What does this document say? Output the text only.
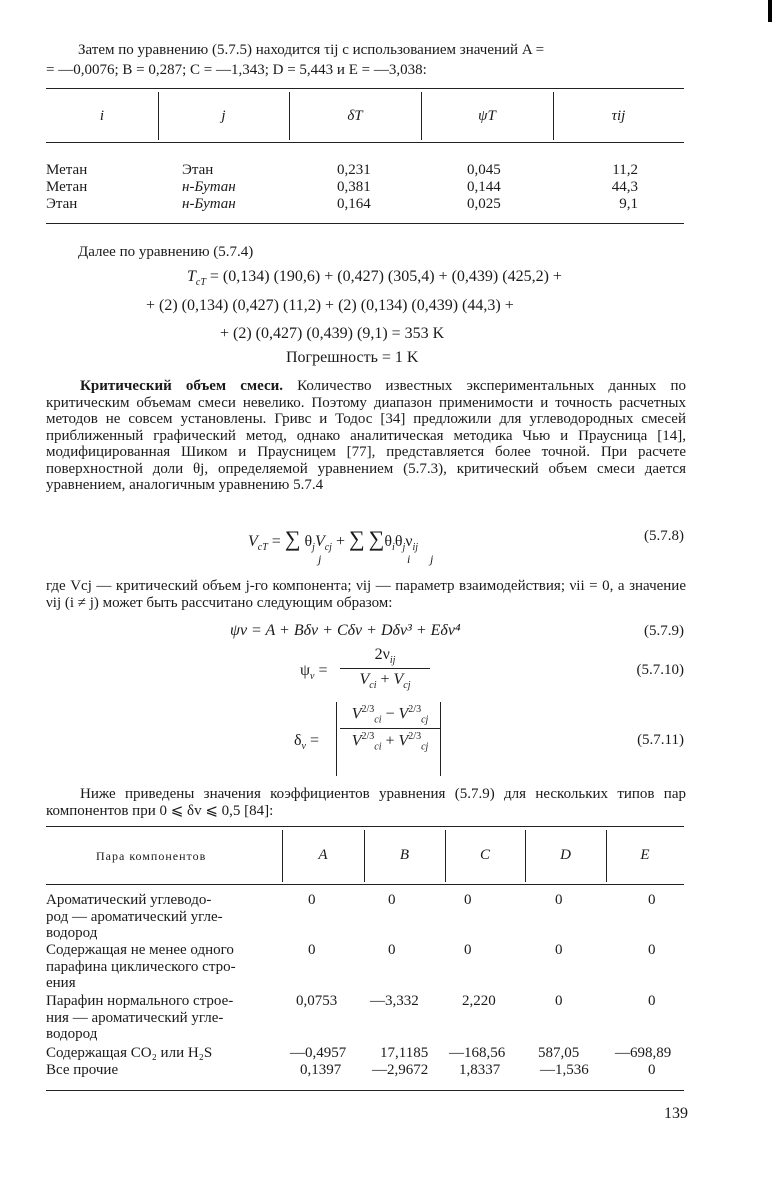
Затем по уравнению (5.7.5) находится τij с использованием значений A =
= —0,0076; B = 0,287; C = —1,343; D = 5,443 и E = —3,038:
i	j	δT	ψT	τij
Метан	Этан	0,231	0,045	11,2
Метан	н-Бутан	0,381	0,144	44,3
Этан	н-Бутан	0,164	0,025	9,1
Далее по уравнению (5.7.4)
$T_{cT} = (0,134) (190,6) + (0,427) (305,4) + (0,439) (425,2)$ +
+ (2) (0,134) (0,427) (11,2) + (2) (0,134) (0,439) (44,3) +
+ (2) (0,427) (0,439) (9,1) = 353 K
Погрешность = 1 K
Критический объем смеси. Количество известных экспериментальных данных по критическим объемам смеси невелико. Поэтому диапазон применимости и точность расчетных методов не совсем установлены. Гривс и Тодос [34] предложили для углеводородных смесей приближенный графический метод, однако аналитическая методика Чью и Праусница [14], модифицированная Шиком и Праусницем [77], представляется более точной. При расчете поверхностной доли θj, определяемой уравнением (5.7.3), критический объем смеси дается уравнением, аналогичным уравнению 5.7.4
$V_{cT}$ = ∑ $\theta_jV_{cj}$ + ∑ $\sum\theta_i\theta_j\nu_{ij}$
j	i j
(5.7.8)
где Vcj — критический объем j-го компонента; νij — параметр взаимодействия; νii = 0, а значение νij (i ≠ j) может быть рассчитано следующим образом:
ψv = A + Bδv + Cδv + Dδv³ + Eδv⁴	(5.7.9)
$\psi_v$ =
$2\nu_{ij}$
$V_{ci} + V_{cj}$
(5.7.10)
$\delta_v$ =
$V^{2/3}_{ci} - V^{2/3}_{cj}$
$V^{2/3}_{ci} + V^{2/3}_{cj}$	(5.7.11)
Ниже приведены значения коэффициентов уравнения (5.7.9) для нескольких типов пар компонентов при 0 ⩽ δv ⩽ 0,5 [84]:
Пара компонентов	A	B	C	D	E
Ароматический углеводо-
род — ароматический угле-
водород
0	0	0	0	0
Содержащая не менее одного
парафина циклического стро-
ения
0	0	0	0	0
Парафин нормального строе-
ния — ароматический угле-
водород
0,0753 —3,332	2,220	0	0
Содержащая CO₂ или H₂S	—0,4957 17,1185 —168,56 587,05 —698,89
Все прочие	0,1397 —2,9672 1,8337	—1,536	0
139
